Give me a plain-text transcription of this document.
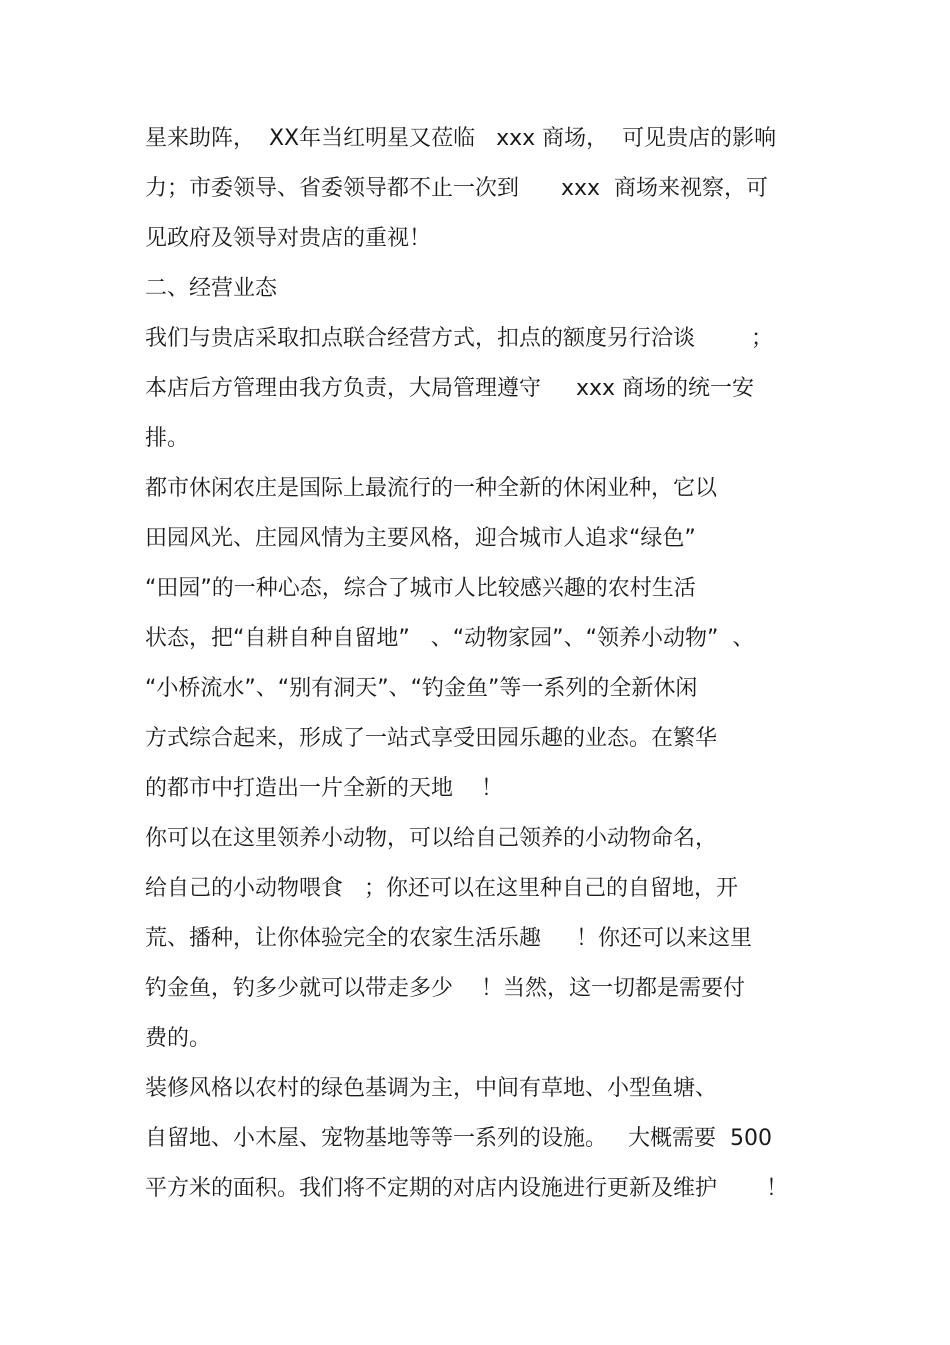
星来助阵，  XX年当红明星又莅临   xxx 商场，  可见贵店的影响
力；市委领导、省委领导都不止一次到      xxx  商场来视察，可
见政府及领导对贵店的重视！
二、经营业态
我们与贵店采取扣点联合经营方式，扣点的额度另行洽谈        ；
本店后方管理由我方负责，大局管理遵守     xxx 商场的统一安
排。
都市休闲农庄是国际上最流行的一种全新的休闲业种，它以
田园风光、庄园风情为主要风格，迎合城市人追求“绿色”
“田园”的一种心态，综合了城市人比较感兴趣的农村生活
状态，把“自耕自种自留地”   、“动物家园”、“领养小动物”  、
“小桥流水”、“别有洞天”、“钓金鱼”等一系列的全新休闲
方式综合起来，形成了一站式享受田园乐趣的业态。在繁华
的都市中打造出一片全新的天地    ！
你可以在这里领养小动物，可以给自己领养的小动物命名，
给自己的小动物喂食   ；你还可以在这里种自己的自留地，开
荒、播种，让你体验完全的农家生活乐趣     ！你还可以来这里
钓金鱼，钓多少就可以带走多少    ！当然，这一切都是需要付
费的。
装修风格以农村的绿色基调为主，中间有草地、小型鱼塘、
自留地、小木屋、宠物基地等等一系列的设施。   大概需要  500
平方米的面积。我们将不定期的对店内设施进行更新及维护       ！
